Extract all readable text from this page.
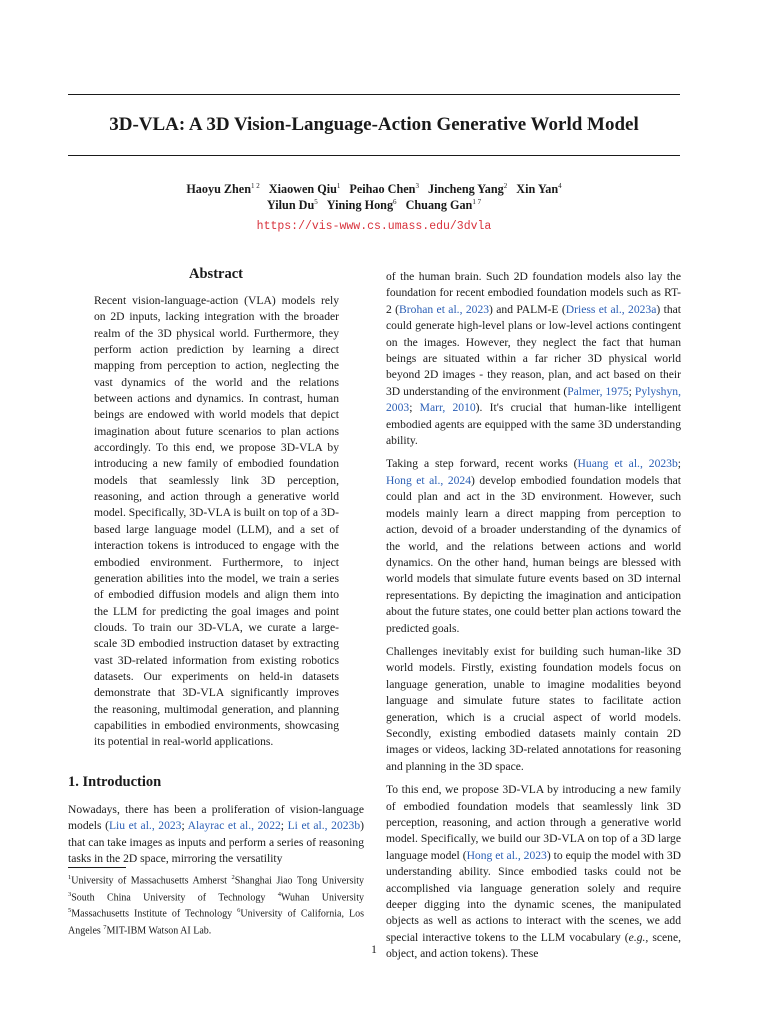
3D-VLA: A 3D Vision-Language-Action Generative World Model
Haoyu Zhen$^{1 2}$ Xiaowen Qiu$^1$ Peihao Chen$^3$ Jincheng Yang$^2$ Xin Yan$^4$
Yilun Du$^5$ Yining Hong$^6$ Chuang Gan$^{1 7}$
https://vis-www.cs.umass.edu/3dvla
Abstract
Recent vision-language-action (VLA) models rely on 2D inputs, lacking integration with the broader realm of the 3D physical world. Furthermore, they perform action prediction by learning a direct mapping from perception to action, neglecting the vast dynamics of the world and the relations between actions and dynamics. In contrast, human beings are endowed with world models that depict imagination about future scenarios to plan actions accordingly. To this end, we propose 3D-VLA by introducing a new family of embodied foundation models that seamlessly link 3D perception, reasoning, and action through a generative world model. Specifically, 3D-VLA is built on top of a 3D-based large language model (LLM), and a set of interaction tokens is introduced to engage with the embodied environment. Furthermore, to inject generation abilities into the model, we train a series of embodied diffusion models and align them into the LLM for predicting the goal images and point clouds. To train our 3D-VLA, we curate a large-scale 3D embodied instruction dataset by extracting vast 3D-related information from existing robotics datasets. Our experiments on held-in datasets demonstrate that 3D-VLA significantly improves the reasoning, multimodal generation, and planning capabilities in embodied environments, showcasing its potential in real-world applications.
1. Introduction
Nowadays, there has been a proliferation of vision-language models (Liu et al., 2023; Alayrac et al., 2022; Li et al., 2023b) that can take images as inputs and perform a series of reasoning tasks in the 2D space, mirroring the versatility
$^1$University of Massachusetts Amherst $^2$Shanghai Jiao Tong University $^3$South China University of Technology $^4$Wuhan University $^5$Massachusetts Institute of Technology $^6$University of California, Los Angeles $^7$MIT-IBM Watson AI Lab.

of the human brain. Such 2D foundation models also lay the foundation for recent embodied foundation models such as RT-2 (Brohan et al., 2023) and PALM-E (Driess et al., 2023a) that could generate high-level plans or low-level actions contingent on the images. However, they neglect the fact that human beings are situated within a far richer 3D physical world beyond 2D images - they reason, plan, and act based on their 3D understanding of the environment (Palmer, 1975; Pylyshyn, 2003; Marr, 2010). It's crucial that human-like intelligent embodied agents are equipped with the same 3D understanding ability.

Taking a step forward, recent works (Huang et al., 2023b; Hong et al., 2024) develop embodied foundation models that could plan and act in the 3D environment. However, such models mainly learn a direct mapping from perception to action, devoid of a broader understanding of the dynamics of the world, and the relations between actions and world dynamics. On the other hand, human beings are blessed with world models that simulate future events based on 3D internal representations. By depicting the imagination and anticipation about the future states, one could better plan actions toward the predicted goals.

Challenges inevitably exist for building such human-like 3D world models. Firstly, existing foundation models focus on language generation, unable to imagine modalities beyond language and simulate future states to facilitate action generation, which is a crucial aspect of world models. Secondly, existing embodied datasets mainly contain 2D images or videos, lacking 3D-related annotations for reasoning and planning in the 3D space.

To this end, we propose 3D-VLA by introducing a new family of embodied foundation models that seamlessly link 3D perception, reasoning, and action through a generative world model. Specifically, we build our 3D-VLA on top of a 3D large language model (Hong et al., 2023) to equip the model with 3D understanding ability. Since embodied tasks could not be accomplished via language generation solely and require deeper digging into the dynamic scenes, the manipulated objects as well as actions to interact with the scenes, we add special interactive tokens to the LLM vocabulary (e.g., scene, object, and action tokens). These

1
